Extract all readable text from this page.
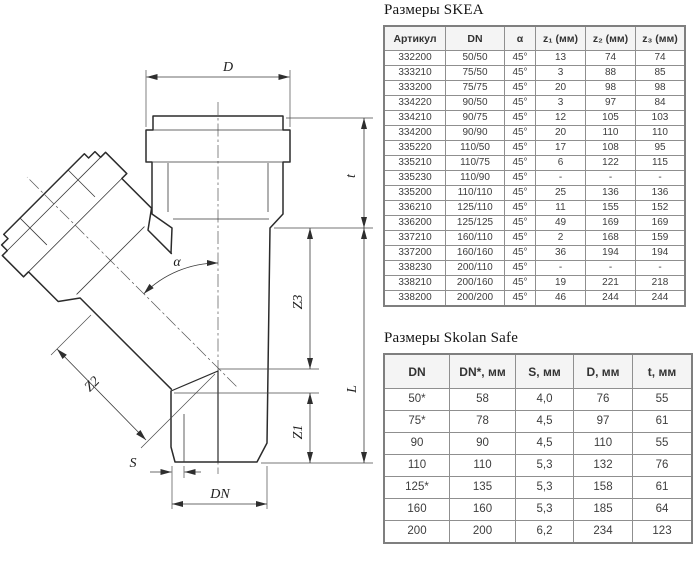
D
t
L
Z3
Z1
Z2
S
DN
α

Размеры SKEA

Артикул	DN	α	z₁ (мм)	z₂ (мм)	z₃ (мм)
332200	50/50	45°	13	74	74
333210	75/50	45°	3	88	85
333200	75/75	45°	20	98	98
334220	90/50	45°	3	97	84
334210	90/75	45°	12	105	103
334200	90/90	45°	20	110	110
335220	110/50	45°	17	108	95
335210	110/75	45°	6	122	115
335230	110/90	45°	-	-	-
335200	110/110	45°	25	136	136
336210	125/110	45°	11	155	152
336200	125/125	45°	49	169	169
337210	160/110	45°	2	168	159
337200	160/160	45°	36	194	194
338230	200/110	45°	-	-	-
338210	200/160	45°	19	221	218
338200	200/200	45°	46	244	244

Размеры Skolan Safe

DN	DN*, мм	S, мм	D, мм	t, мм
50*	58	4,0	76	55
75*	78	4,5	97	61
90	90	4,5	110	55
110	110	5,3	132	76
125*	135	5,3	158	61
160	160	5,3	185	64
200	200	6,2	234	123
